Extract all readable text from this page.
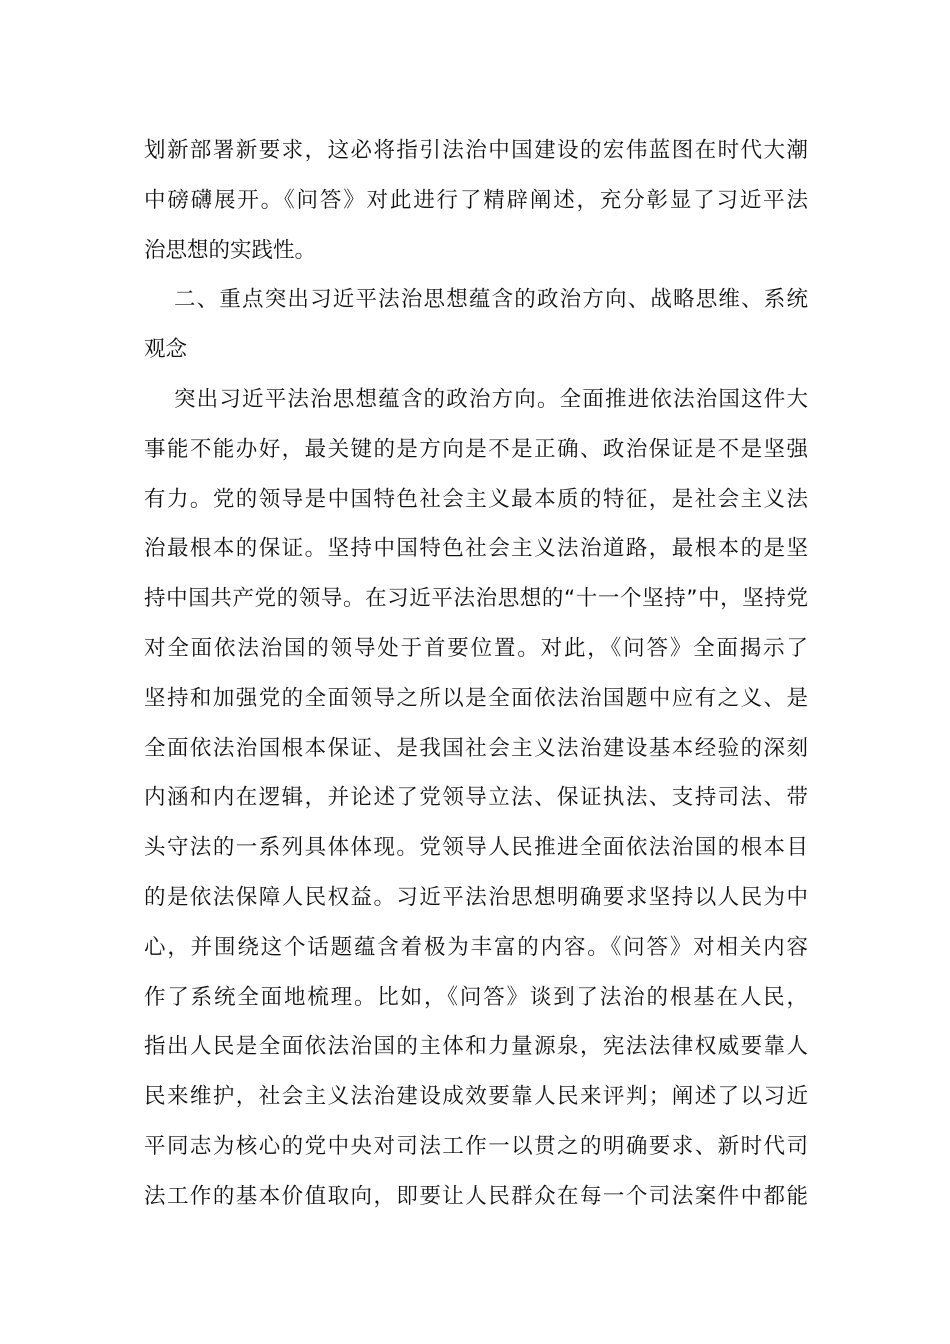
划新部署新要求，这必将指引法治中国建设的宏伟蓝图在时代大潮
中磅礴展开。《问答》对此进行了精辟阐述，充分彰显了习近平法
治思想的实践性。
二、重点突出习近平法治思想蕴含的政治方向、战略思维、系统
观念
突出习近平法治思想蕴含的政治方向。全面推进依法治国这件大
事能不能办好，最关键的是方向是不是正确、政治保证是不是坚强
有力。党的领导是中国特色社会主义最本质的特征，是社会主义法
治最根本的保证。坚持中国特色社会主义法治道路，最根本的是坚
持中国共产党的领导。在习近平法治思想的“十一个坚持”中，坚持党
对全面依法治国的领导处于首要位置。对此，《问答》全面揭示了
坚持和加强党的全面领导之所以是全面依法治国题中应有之义、是
全面依法治国根本保证、是我国社会主义法治建设基本经验的深刻
内涵和内在逻辑，并论述了党领导立法、保证执法、支持司法、带
头守法的一系列具体体现。党领导人民推进全面依法治国的根本目
的是依法保障人民权益。习近平法治思想明确要求坚持以人民为中
心，并围绕这个话题蕴含着极为丰富的内容。《问答》对相关内容
作了系统全面地梳理。比如，《问答》谈到了法治的根基在人民，
指出人民是全面依法治国的主体和力量源泉，宪法法律权威要靠人
民来维护，社会主义法治建设成效要靠人民来评判；阐述了以习近
平同志为核心的党中央对司法工作一以贯之的明确要求、新时代司
法工作的基本价值取向，即要让人民群众在每一个司法案件中都能
